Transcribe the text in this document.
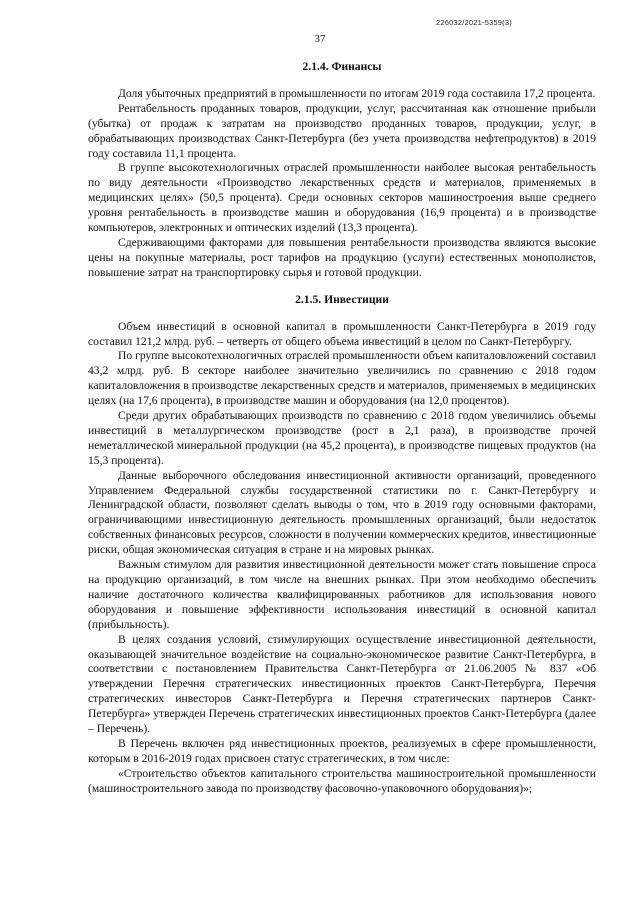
226032/2021-5359(3)
37
2.1.4. Финансы

Доля убыточных предприятий в промышленности по итогам 2019 года составила 17,2 процента.

Рентабельность проданных товаров, продукции, услуг, рассчитанная как отношение прибыли (убытка) от продаж к затратам на производство проданных товаров, продукции, услуг, в обрабатывающих производствах Санкт-Петербурга (без учета производства нефтепродуктов) в 2019 году составила 11,1 процента.

В группе высокотехнологичных отраслей промышленности наиболее высокая рентабельность по виду деятельности «Производство лекарственных средств и материалов, применяемых в медицинских целях» (50,5 процента). Среди основных секторов машиностроения выше среднего уровня рентабельность в производстве машин и оборудования (16,9 процента) и в производстве компьютеров, электронных и оптических изделий (13,3 процента).

Сдерживающими факторами для повышения рентабельности производства являются высокие цены на покупные материалы, рост тарифов на продукцию (услуги) естественных монополистов, повышение затрат на транспортировку сырья и готовой продукции.

2.1.5. Инвестиции

Объем инвестиций в основной капитал в промышленности Санкт-Петербурга в 2019 году составил 121,2 млрд. руб. – четверть от общего объема инвестиций в целом по Санкт-Петербургу.

По группе высокотехнологичных отраслей промышленности объем капиталовложений составил 43,2 млрд. руб. В секторе наиболее значительно увеличились по сравнению с 2018 годом капиталовложения в производстве лекарственных средств и материалов, применяемых в медицинских целях (на 17,6 процента), в производстве машин и оборудования (на 12,0 процентов).

Среди других обрабатывающих производств по сравнению с 2018 годом увеличились объемы инвестиций в металлургическом производстве (рост в 2,1 раза), в производстве прочей неметаллической минеральной продукции (на 45,2 процента), в производстве пищевых продуктов (на 15,3 процента).

Данные выборочного обследования инвестиционной активности организаций, проведенного Управлением Федеральной службы государственной статистики по г. Санкт-Петербургу и Ленинградской области, позволяют сделать выводы о том, что в 2019 году основными факторами, ограничивающими инвестиционную деятельность промышленных организаций, были недостаток собственных финансовых ресурсов, сложности в получении коммерческих кредитов, инвестиционные риски, общая экономическая ситуация в стране и на мировых рынках.

Важным стимулом для развития инвестиционной деятельности может стать повышение спроса на продукцию организаций, в том числе на внешних рынках. При этом необходимо обеспечить наличие достаточного количества квалифицированных работников для использования нового оборудования и повышение эффективности использования инвестиций в основной капитал (прибыльность).

В целях создания условий, стимулирующих осуществление инвестиционной деятельности, оказывающей значительное воздействие на социально-экономическое развитие Санкт-Петербурга, в соответствии с постановлением Правительства Санкт-Петербурга от 21.06.2005 № 837 «Об утверждении Перечня стратегических инвестиционных проектов Санкт-Петербурга, Перечня стратегических инвесторов Санкт-Петербурга и Перечня стратегических партнеров Санкт-Петербурга» утвержден Перечень стратегических инвестиционных проектов Санкт-Петербурга (далее – Перечень).

В Перечень включен ряд инвестиционных проектов, реализуемых в сфере промышленности, которым в 2016-2019 годах присвоен статус стратегических, в том числе:

«Строительство объектов капитального строительства машиностроительной промышленности (машиностроительного завода по производству фасовочно-упаковочного оборудования)»;
